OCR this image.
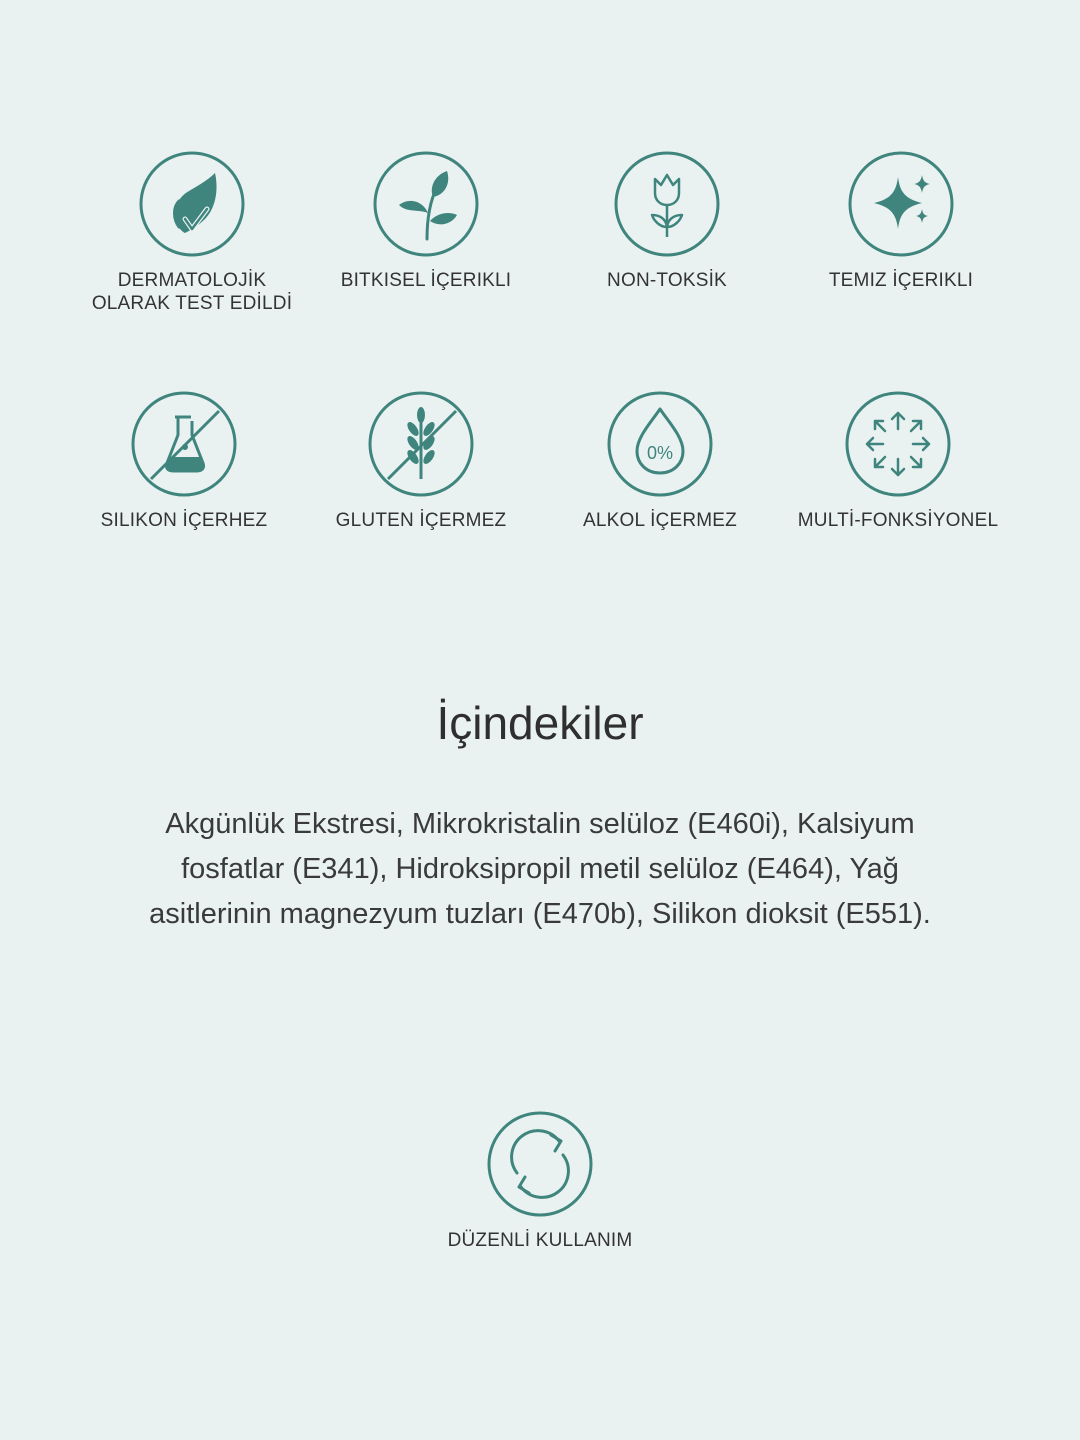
DERMATOLOJİK
OLARAK TEST EDİLDİ
BITKISEL İÇERIKLI	NON-TOKSİK	TEMIZ İÇERIKLI
SILIKON İÇERHEZ	GLUTEN İÇERMEZ
0%
ALKOL İÇERMEZ	MULTİ-FONKSİYONEL
İçindekiler

Akgünlük Ekstresi, Mikrokristalin selüloz (E460i), Kalsiyum fosfatlar (E341), Hidroksipropil metil selüloz (E464), Yağ asitlerinin magnezyum tuzları (E470b), Silikon dioksit (E551).

DÜZENLİ KULLANIM
